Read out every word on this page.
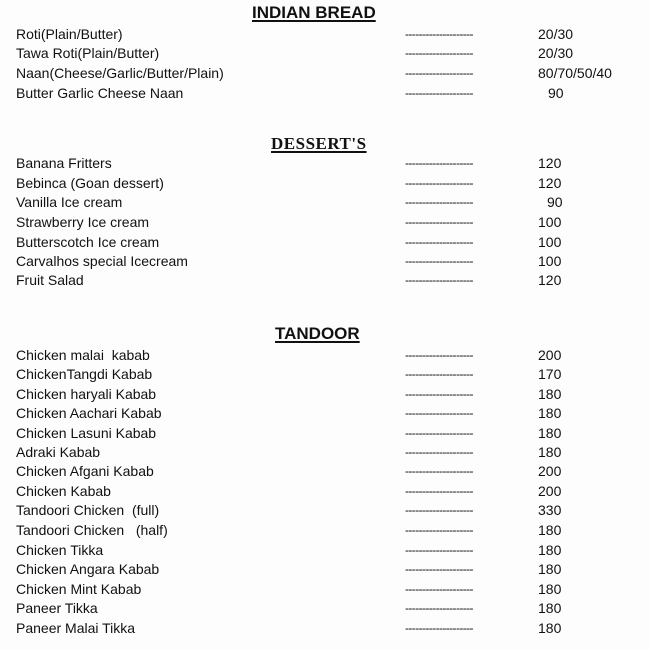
INDIAN BREAD
Roti(Plain/Butter)	--------------------	20/30
Tawa Roti(Plain/Butter)	--------------------	20/30
Naan(Cheese/Garlic/Butter/Plain)	--------------------	80/70/50/40
Butter Garlic Cheese Naan	--------------------	90
DESSERT'S
Banana Fritters	--------------------	120
Bebinca (Goan dessert)	--------------------	120
Vanilla Ice cream	--------------------	90
Strawberry Ice cream	--------------------	100
Butterscotch Ice cream	--------------------	100
Carvalhos special Icecream	--------------------	100
Fruit Salad	--------------------	120
TANDOOR
Chicken malai  kabab	--------------------	200
ChickenTangdi Kabab	--------------------	170
Chicken haryali Kabab	--------------------	180
Chicken Aachari Kabab	--------------------	180
Chicken Lasuni Kabab	--------------------	180
Adraki Kabab	--------------------	180
Chicken Afgani Kabab	--------------------	200
Chicken Kabab	--------------------	200
Tandoori Chicken  (full)	--------------------	330
Tandoori Chicken   (half)	--------------------	180
Chicken Tikka	--------------------	180
Chicken Angara Kabab	--------------------	180
Chicken Mint Kabab	--------------------	180
Paneer Tikka	--------------------	180
Paneer Malai Tikka	--------------------	180
